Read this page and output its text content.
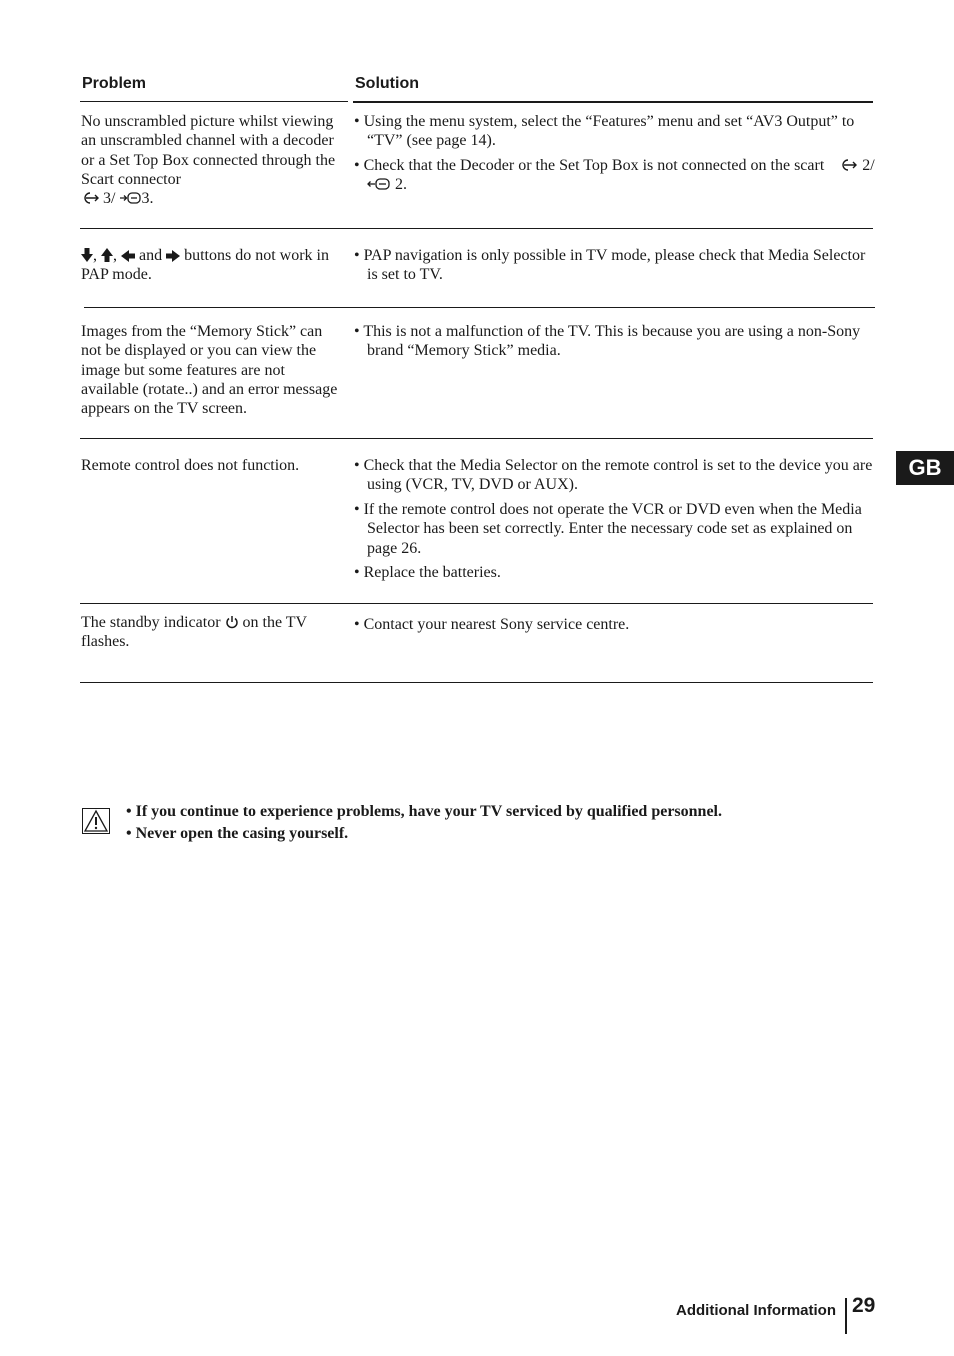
Problem	Solution
No unscrambled picture whilst viewing an unscrambled channel with a decoder or a Set Top Box connected through the Scart connector
3/ 3.

• Using the menu system, select the “Features” menu and set “AV3 Output” to “TV” (see page 14).

• Check that the Decoder or the Set Top Box is not connected on the scart 2/ 2.

, , and buttons do not work in PAP mode.

• PAP navigation is only possible in TV mode, please check that Media Selector is set to TV.

Images from the “Memory Stick” can not be displayed or you can view the image but some features are not available (rotate..) and an error message appears on the TV screen.

• This is not a malfunction of the TV. This is because you are using a non-Sony brand “Memory Stick” media.

Remote control does not function.	• Check that the Media Selector on the remote control is set to the device you are using (VCR, TV, DVD or AUX).

• If the remote control does not operate the VCR or DVD even when the Media Selector has been set correctly. Enter the necessary code set as explained on page 26.

• Replace the batteries.

The standby indicator on the TV flashes.

• Contact your nearest Sony service centre.

GB
• If you continue to experience problems, have your TV serviced by qualified personnel.
• Never open the casing yourself.
Additional Information 29
